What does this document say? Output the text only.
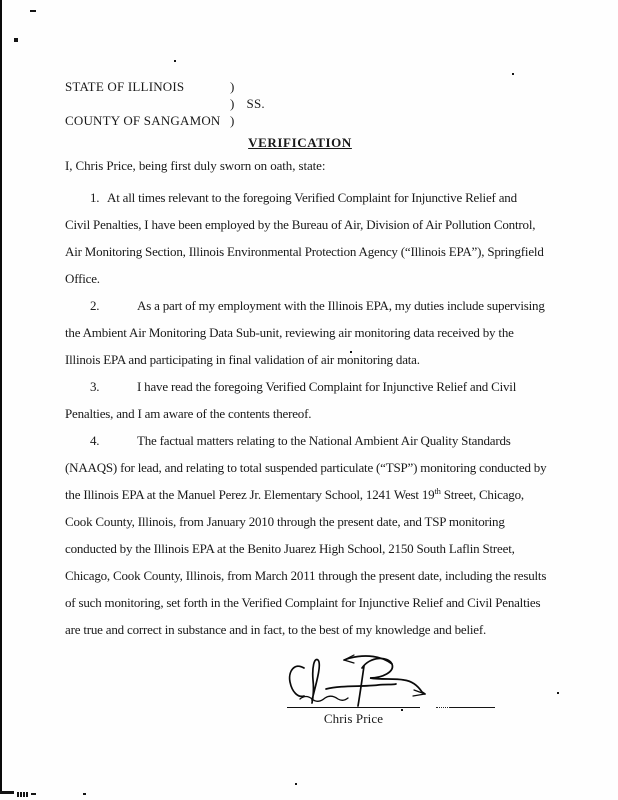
STATE OF ILLINOIS	)
) SS.
COUNTY OF SANGAMON )
VERIFICATION
I, Chris Price, being first duly sworn on oath, state:
1. At all times relevant to the foregoing Verified Complaint for Injunctive Relief and
Civil Penalties, I have been employed by the Bureau of Air, Division of Air Pollution Control,
Air Monitoring Section, Illinois Environmental Protection Agency (“Illinois EPA”), Springfield
Office.
2.	As a part of my employment with the Illinois EPA, my duties include supervising
the Ambient Air Monitoring Data Sub-unit, reviewing air monitoring data received by the
Illinois EPA and participating in final validation of air monitoring data.
3.	I have read the foregoing Verified Complaint for Injunctive Relief and Civil
Penalties, and I am aware of the contents thereof.
4.	The factual matters relating to the National Ambient Air Quality Standards
(NAAQS) for lead, and relating to total suspended particulate (“TSP”) monitoring conducted by
the Illinois EPA at the Manuel Perez Jr. Elementary School, 1241 West 19th Street, Chicago,
Cook County, Illinois, from January 2010 through the present date, and TSP monitoring
conducted by the Illinois EPA at the Benito Juarez High School, 2150 South Laflin Street,
Chicago, Cook County, Illinois, from March 2011 through the present date, including the results
of such monitoring, set forth in the Verified Complaint for Injunctive Relief and Civil Penalties
are true and correct in substance and in fact, to the best of my knowledge and belief.
Chris Price
